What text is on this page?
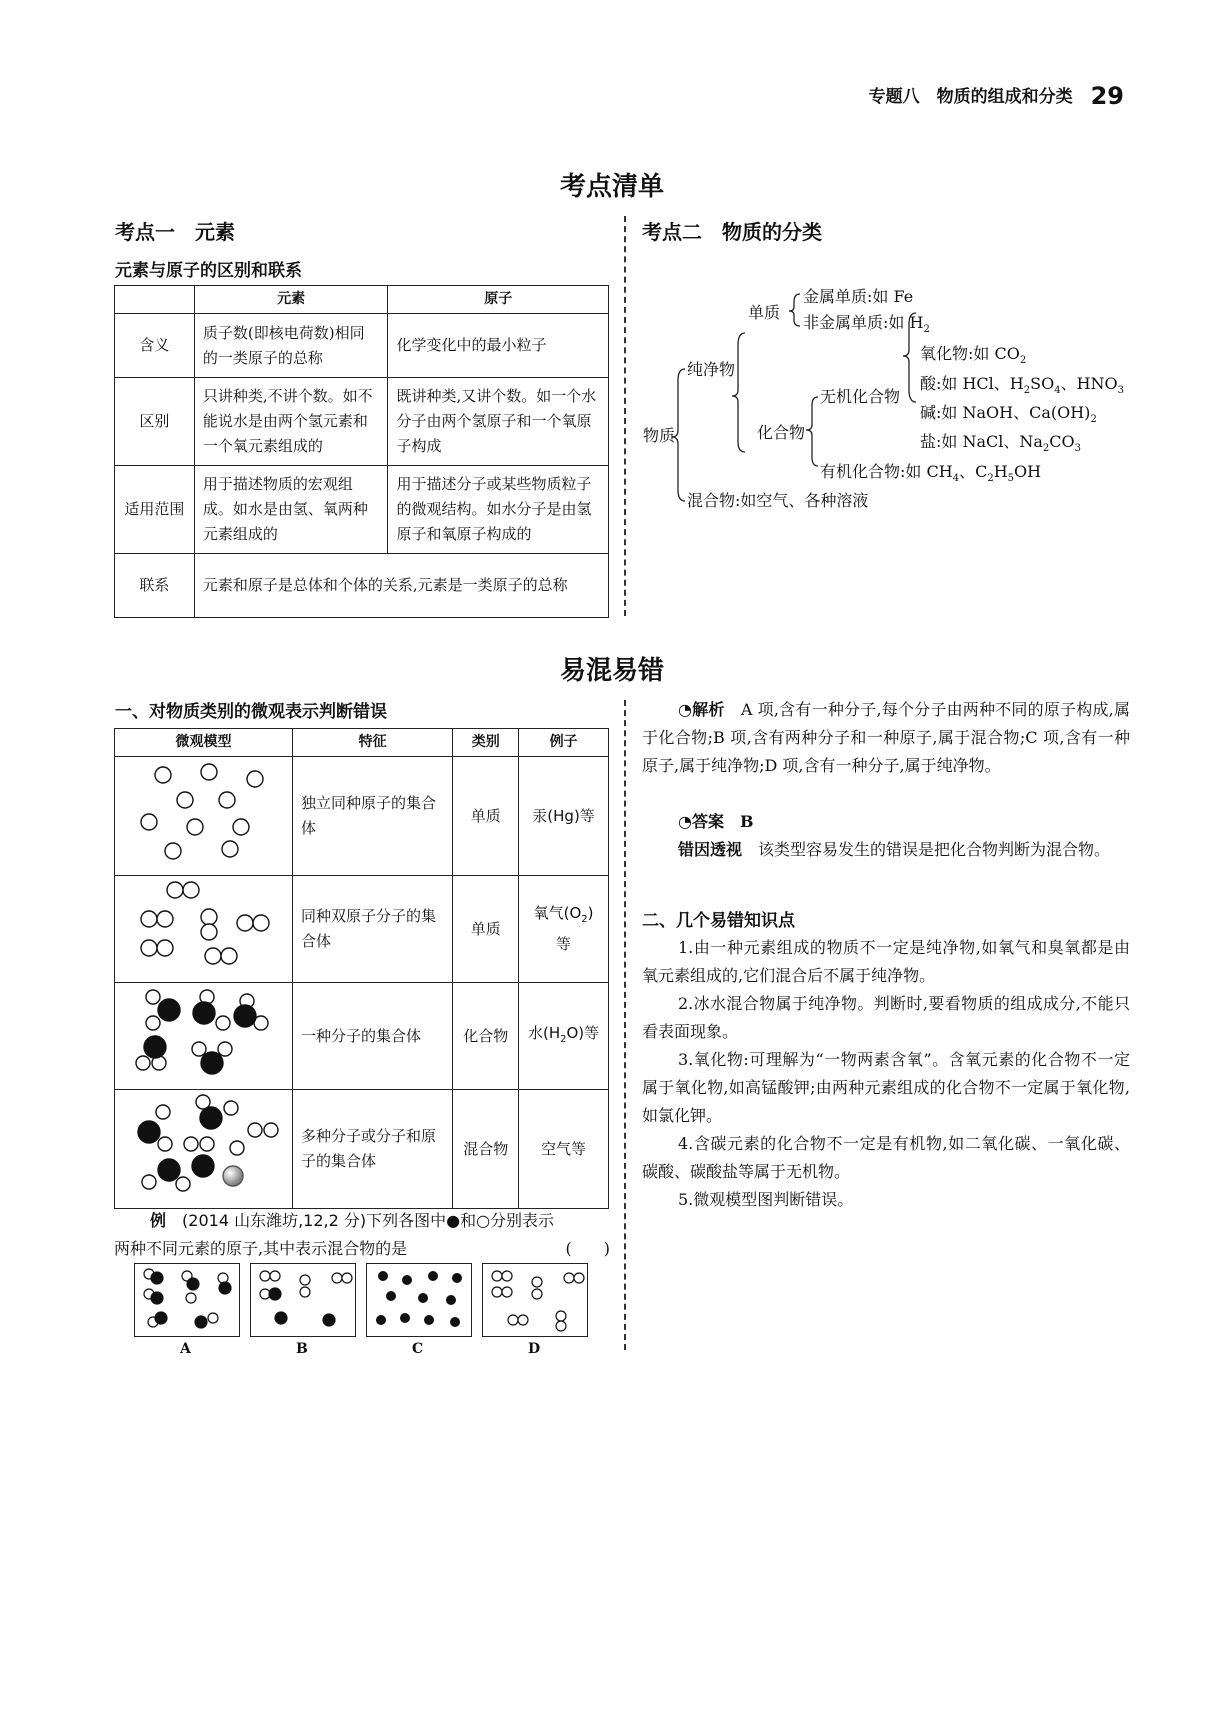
专题八　物质的组成和分类 29
考点清单
考点一　元素
元素与原子的区别和联系
	元素	原子
含义	质子数(即核电荷数)相同的一类原子的总称	化学变化中的最小粒子
区别	只讲种类,不讲个数。如不能说水是由两个氢元素和一个氧元素组成的	既讲种类,又讲个数。如一个水分子由两个氢原子和一个氧原子构成
适用范围	用于描述物质的宏观组成。如水是由氢、氧两种元素组成的	用于描述分子或某些物质粒子的微观结构。如水分子是由氢原子和氧原子构成的
联系	元素和原子是总体和个体的关系,元素是一类原子的总称	
考点二　物质的分类
物质
纯净物
混合物:如空气、各种溶液
单质
金属单质:如 Fe
非金属单质:如 $H_2$
化合物
无机化合物
氧化物:如 $CO_2$
酸:如 HCl、$H_2SO_4$、$HNO_3$
碱:如 NaOH、$Ca(OH)_2$
盐:如 NaCl、$Na_2CO_3$
有机化合物:如 $CH_4$、$C_2H_5OH$
易混易错
一、对物质类别的微观表示判断错误
微观模型	特征	类别	例子
	独立同种原子的集合体	单质	汞(Hg)等
	同种双原子分子的集合体	单质	氧气$(O_2)$等
	一种分子的集合体	化合物	水$(H_2O)$等
	多种分子或分子和原子的集合体	混合物	空气等
例　 (2014 山东潍坊,12,2 分)下列各图中●和○分别表示
两种不同元素的原子,其中表示混合物的是	(　　)
A	B	C	D
◔解析　 A 项,含有一种分子,每个分子由两种不同的原子构成,属于化合物;B 项,含有两种分子和一种原子,属于混合物;C 项,含有一种原子,属于纯净物;D 项,含有一种分子,属于纯净物。
◔答案　 B
错因透视　 该类型容易发生的错误是把化合物判断为混合物。
二、几个易错知识点
1.由一种元素组成的物质不一定是纯净物,如氧气和臭氧都是由氧元素组成的,它们混合后不属于纯净物。
2.冰水混合物属于纯净物。判断时,要看物质的组成成分,不能只看表面现象。
3.氧化物:可理解为“一物两素含氧”。含氧元素的化合物不一定属于氧化物,如高锰酸钾;由两种元素组成的化合物不一定属于氧化物,如氯化钾。
4.含碳元素的化合物不一定是有机物,如二氧化碳、一氧化碳、碳酸、碳酸盐等属于无机物。
5.微观模型图判断错误。
